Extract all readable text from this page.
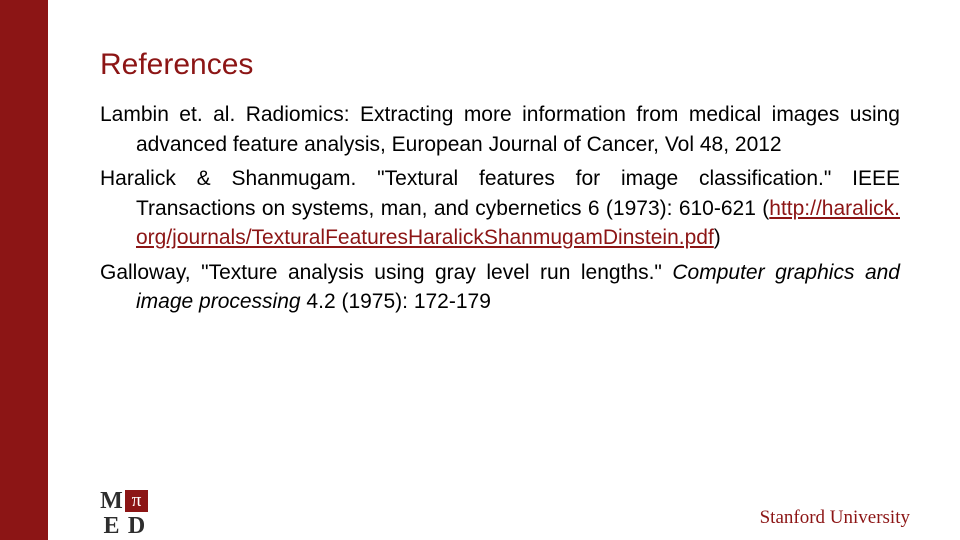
References

Lambin et. al. Radiomics: Extracting more information from medical images using advanced feature analysis, European Journal of Cancer, Vol 48, 2012

Haralick & Shanmugam. "Textural features for image classification." IEEE Transactions on systems, man, and cybernetics 6 (1973): 610-621 (http://haralick.org/journals/TexturalFeaturesHaralickShanmugamDinstein.pdf)

Galloway, "Texture analysis using gray level run lengths." Computer graphics and image processing 4.2 (1975): 172-179

M π
E D	Stanford University
